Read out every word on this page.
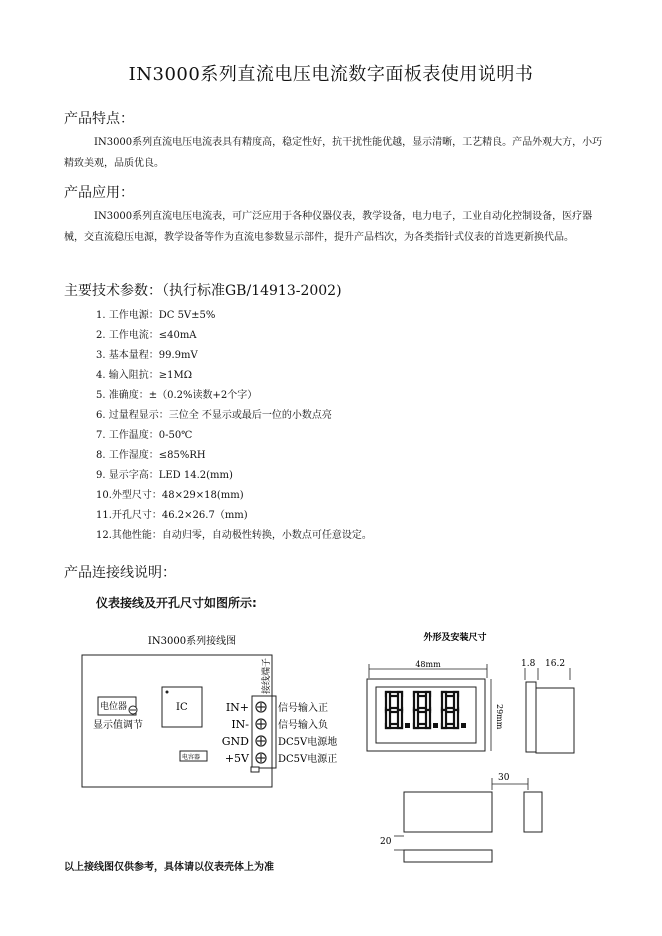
IN3000系列直流电压电流数字面板表使用说明书
产品特点：
IN3000系列直流电压电流表具有精度高，稳定性好，抗干扰性能优越，显示清晰，工艺精良。产品外观大方，小巧精致美观，品质优良。
产品应用：
IN3000系列直流电压电流表，可广泛应用于各种仪器仪表，教学设备，电力电子，工业自动化控制设备，医疗器械，交直流稳压电源，教学设备等作为直流电参数显示部件，提升产品档次，为各类指针式仪表的首选更新换代品。
主要技术参数：（执行标准GB/14913-2002)
1. 工作电源：DC 5V±5%
2. 工作电流：≤40mA
3. 基本量程：99.9mV
4. 输入阻抗：≥1MΩ
5. 准确度：±（0.2%读数+2个字）
6. 过量程显示：三位全 不显示或最后一位的小数点亮
7. 工作温度：0-50℃
8. 工作湿度：≤85%RH
9. 显示字高：LED 14.2(mm)
10.外型尺寸：48×29×18(mm)
11.开孔尺寸：46.2×26.7（mm)
12.其他性能：自动归零，自动极性转换，小数点可任意设定。
产品连接线说明：
仪表接线及开孔尺寸如图所示:
IN3000系列接线图
电位器
显示值调节
IC
电容器
接线端子
IN+	信号输入正
IN-	信号输入负
GND	DC5V电源地
+5V	DC5V电源正
外形及安装尺寸
48mm
29mm
1.8 16.2
30
20
以上接线图仅供参考，具体请以仪表壳体上为准
